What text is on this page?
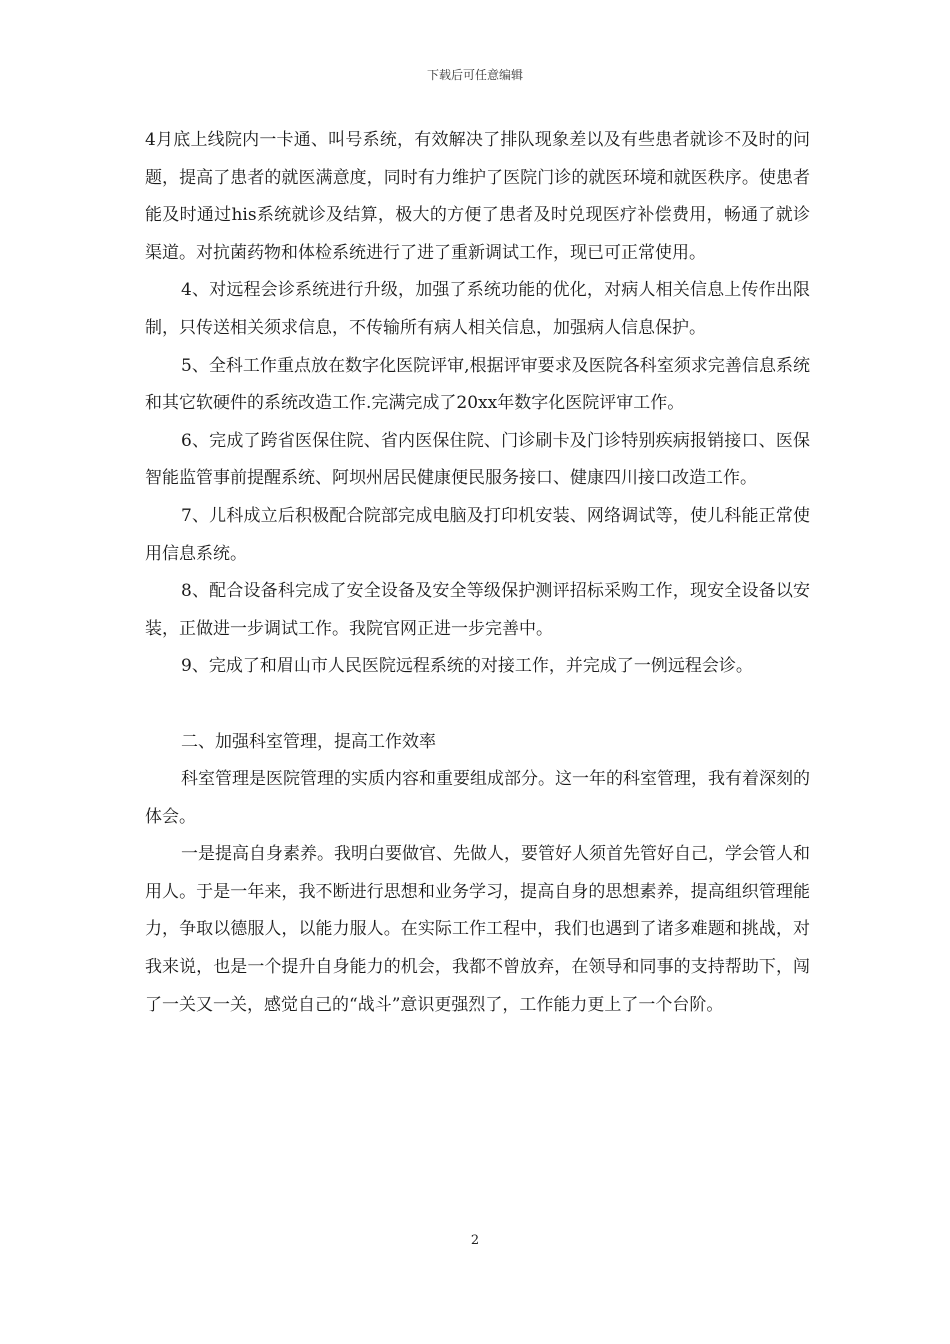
下载后可任意编辑

4月底上线院内一卡通、叫号系统，有效解决了排队现象差以及有些患者就诊不及时的问题，提高了患者的就医满意度，同时有力维护了医院门诊的就医环境和就医秩序。使患者能及时通过his系统就诊及结算，极大的方便了患者及时兑现医疗补偿费用，畅通了就诊渠道。对抗菌药物和体检系统进行了进了重新调试工作，现已可正常使用。

4、对远程会诊系统进行升级，加强了系统功能的优化，对病人相关信息上传作出限制，只传送相关须求信息，不传输所有病人相关信息，加强病人信息保护。

5、全科工作重点放在数字化医院评审,根据评审要求及医院各科室须求完善信息系统和其它软硬件的系统改造工作.完满完成了20xx年数字化医院评审工作。

6、完成了跨省医保住院、省内医保住院、门诊刷卡及门诊特别疾病报销接口、医保智能监管事前提醒系统、阿坝州居民健康便民服务接口、健康四川接口改造工作。

7、儿科成立后积极配合院部完成电脑及打印机安装、网络调试等，使儿科能正常使用信息系统。

8、配合设备科完成了安全设备及安全等级保护测评招标采购工作，现安全设备以安装，正做进一步调试工作。我院官网正进一步完善中。

9、完成了和眉山市人民医院远程系统的对接工作，并完成了一例远程会诊。

二、加强科室管理，提高工作效率

科室管理是医院管理的实质内容和重要组成部分。这一年的科室管理，我有着深刻的体会。

一是提高自身素养。我明白要做官、先做人，要管好人须首先管好自己，学会管人和用人。于是一年来，我不断进行思想和业务学习，提高自身的思想素养，提高组织管理能力，争取以德服人，以能力服人。在实际工作工程中，我们也遇到了诸多难题和挑战，对我来说，也是一个提升自身能力的机会，我都不曾放弃，在领导和同事的支持帮助下，闯了一关又一关，感觉自己的“战斗”意识更强烈了，工作能力更上了一个台阶。

2
